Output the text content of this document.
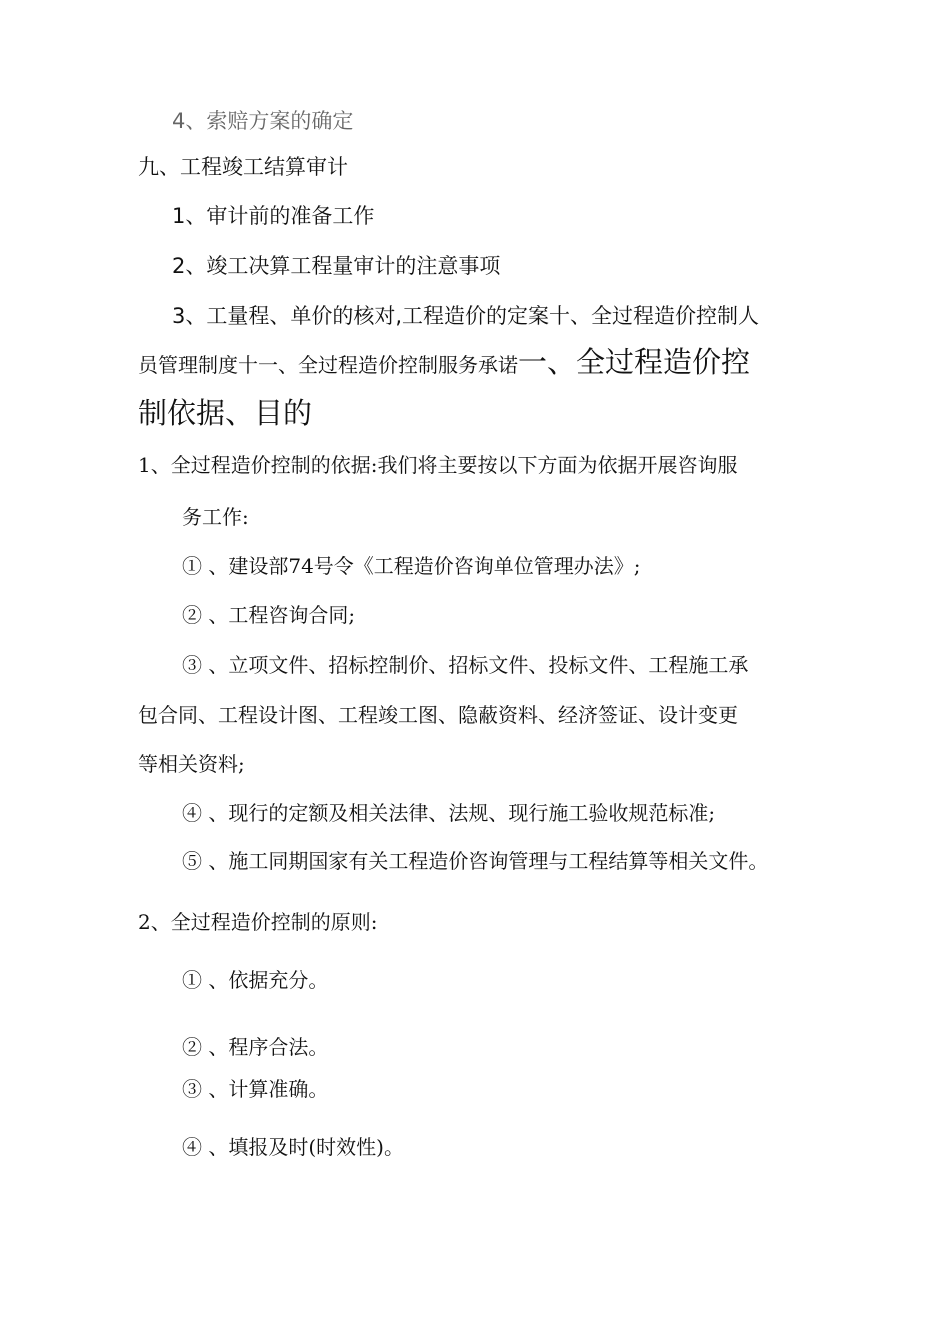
4、索赔方案的确定
九、工程竣工结算审计
1、审计前的准备工作
2、竣工决算工程量审计的注意事项
3、工量程、单价的核对,工程造价的定案十、全过程造价控制人
员管理制度十一、全过程造价控制服务承诺一、全过程造价控
制依据、目的
1、全过程造价控制的依据:我们将主要按以下方面为依据开展咨询服
务工作:
① 、建设部74号令《工程造价咨询单位管理办法》;
② 、工程咨询合同;
③ 、立项文件、招标控制价、招标文件、投标文件、工程施工承
包合同、工程设计图、工程竣工图、隐蔽资料、经济签证、设计变更
等相关资料;
④ 、现行的定额及相关法律、法规、现行施工验收规范标准;
⑤ 、施工同期国家有关工程造价咨询管理与工程结算等相关文件。
2、全过程造价控制的原则:
① 、依据充分。
② 、程序合法。
③ 、计算准确。
④ 、填报及时(时效性)。
